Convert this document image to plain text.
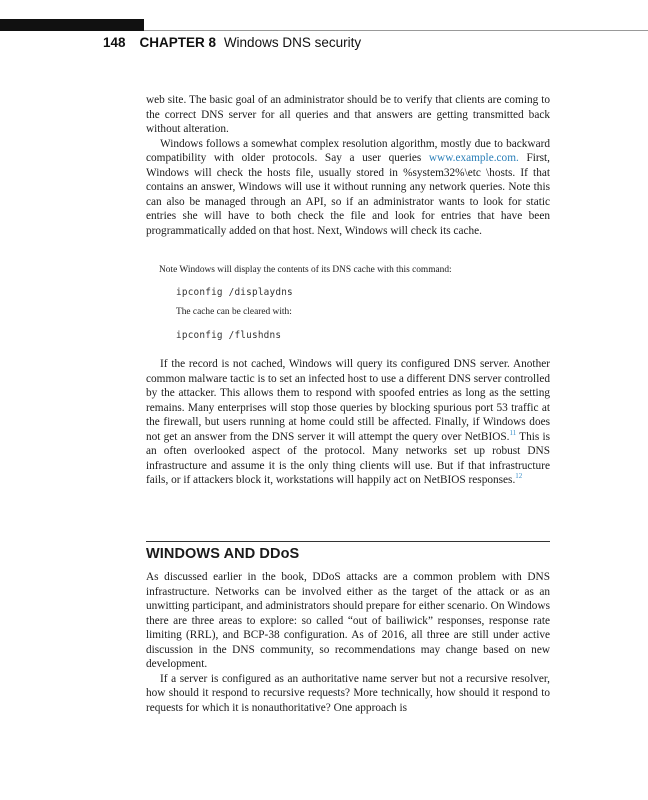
148 CHAPTER 8 Windows DNS security

web site. The basic goal of an administrator should be to verify that clients are coming to the correct DNS server for all queries and that answers are getting transmitted back without alteration.

Windows follows a somewhat complex resolution algorithm, mostly due to backward compatibility with older protocols. Say a user queries www.example.com. First, Windows will check the hosts file, usually stored in %system32%\etc \hosts. If that contains an answer, Windows will use it without running any network queries. Note this can also be managed through an API, so if an administrator wants to look for static entries she will have to both check the file and look for entries that have been programmatically added on that host. Next, Windows will check its cache.

Note Windows will display the contents of its DNS cache with this command:
ipconfig /displaydns
The cache can be cleared with:
ipconfig /flushdns

If the record is not cached, Windows will query its configured DNS server. Another common malware tactic is to set an infected host to use a different DNS server controlled by the attacker. This allows them to respond with spoofed entries as long as the setting remains. Many enterprises will stop those queries by blocking spurious port 53 traffic at the firewall, but users running at home could still be affected. Finally, if Windows does not get an answer from the DNS server it will attempt the query over NetBIOS.$^{11}$ This is an often overlooked aspect of the protocol. Many networks set up robust DNS infrastructure and assume it is the only thing clients will use. But if that infrastructure fails, or if attackers block it, workstations will happily act on NetBIOS responses.$^{12}$

WINDOWS AND DDoS

As discussed earlier in the book, DDoS attacks are a common problem with DNS infrastructure. Networks can be involved either as the target of the attack or as an unwitting participant, and administrators should prepare for either scenario. On Windows there are three areas to explore: so called “out of bailiwick” responses, response rate limiting (RRL), and BCP-38 configuration. As of 2016, all three are still under active discussion in the DNS community, so recommendations may change based on new development.

If a server is configured as an authoritative name server but not a recursive resolver, how should it respond to recursive requests? More technically, how should it respond to requests for which it is nonauthoritative? One approach is
